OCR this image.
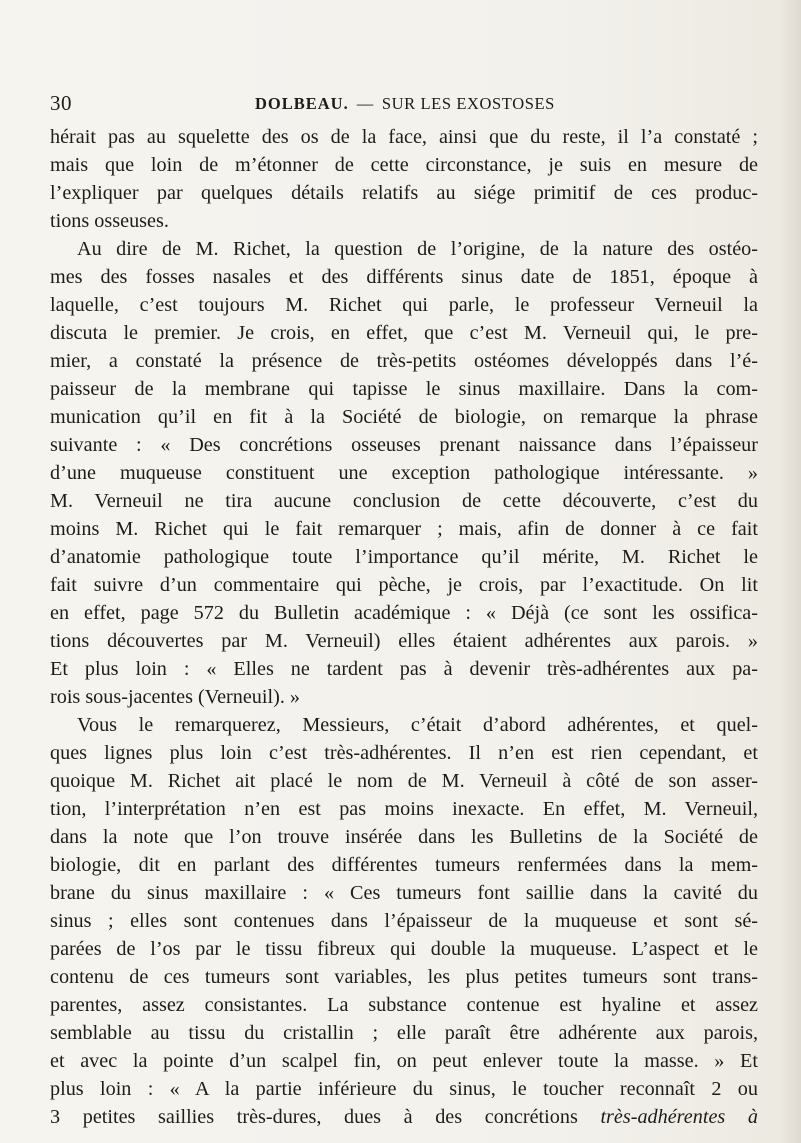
30	DOLBEAU. — SUR LES EXOSTOSES
hérait pas au squelette des os de la face, ainsi que du reste, il l’a constaté ;
mais que loin de m’étonner de cette circonstance, je suis en mesure de
l’expliquer par quelques détails relatifs au siége primitif de ces produc-
tions osseuses.
Au dire de M. Richet, la question de l’origine, de la nature des ostéo-
mes des fosses nasales et des différents sinus date de 1851, époque à
laquelle, c’est toujours M. Richet qui parle, le professeur Verneuil la
discuta le premier. Je crois, en effet, que c’est M. Verneuil qui, le pre-
mier, a constaté la présence de très-petits ostéomes développés dans l’é-
paisseur de la membrane qui tapisse le sinus maxillaire. Dans la com-
munication qu’il en fit à la Société de biologie, on remarque la phrase
suivante : « Des concrétions osseuses prenant naissance dans l’épaisseur
d’une muqueuse constituent une exception pathologique intéressante. »
M. Verneuil ne tira aucune conclusion de cette découverte, c’est du
moins M. Richet qui le fait remarquer ; mais, afin de donner à ce fait
d’anatomie pathologique toute l’importance qu’il mérite, M. Richet le
fait suivre d’un commentaire qui pèche, je crois, par l’exactitude. On lit
en effet, page 572 du Bulletin académique : « Déjà (ce sont les ossifica-
tions découvertes par M. Verneuil) elles étaient adhérentes aux parois. »
Et plus loin : « Elles ne tardent pas à devenir très-adhérentes aux pa-
rois sous-jacentes (Verneuil). »
Vous le remarquerez, Messieurs, c’était d’abord adhérentes, et quel-
ques lignes plus loin c’est très-adhérentes. Il n’en est rien cependant, et
quoique M. Richet ait placé le nom de M. Verneuil à côté de son asser-
tion, l’interprétation n’en est pas moins inexacte. En effet, M. Verneuil,
dans la note que l’on trouve insérée dans les Bulletins de la Société de
biologie, dit en parlant des différentes tumeurs renfermées dans la mem-
brane du sinus maxillaire : « Ces tumeurs font saillie dans la cavité du
sinus ; elles sont contenues dans l’épaisseur de la muqueuse et sont sé-
parées de l’os par le tissu fibreux qui double la muqueuse. L’aspect et le
contenu de ces tumeurs sont variables, les plus petites tumeurs sont trans-
parentes, assez consistantes. La substance contenue est hyaline et assez
semblable au tissu du cristallin ; elle paraît être adhérente aux parois,
et avec la pointe d’un scalpel fin, on peut enlever toute la masse. » Et
plus loin : « A la partie inférieure du sinus, le toucher reconnaît 2 ou
3 petites saillies très-dures, dues à des concrétions très-adhérentes à
